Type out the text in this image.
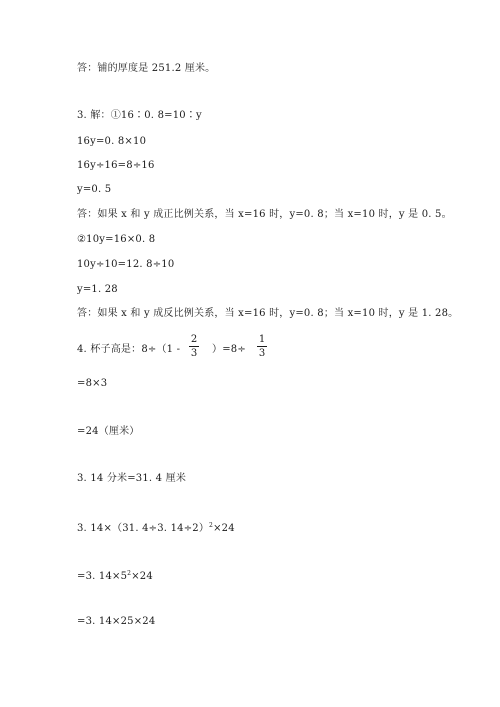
答：铺的厚度是 251.2 厘米。
3. 解：①16∶0. 8=10∶y
16y=0. 8×10
16y÷16=8÷16
y=0. 5
答：如果 x 和 y 成正比例关系，当 x=16 时，y=0. 8；当 x=10 时，y 是 0. 5。
②10y=16×0. 8
10y÷10=12. 8÷10
y=1. 28
答：如果 x 和 y 成反比例关系，当 x=16 时，y=0. 8；当 x=10 时，y 是 1. 28。
4. 杯子高是：8÷（1 -
2
3 ）=8÷
1
3
=8×3
=24（厘米）
3. 14 分米=31. 4 厘米
3. 14×（31. 4÷3. 14÷2）$^2$×24
=3. $14\times 5^2\times 24$
=3. 14×25×24
